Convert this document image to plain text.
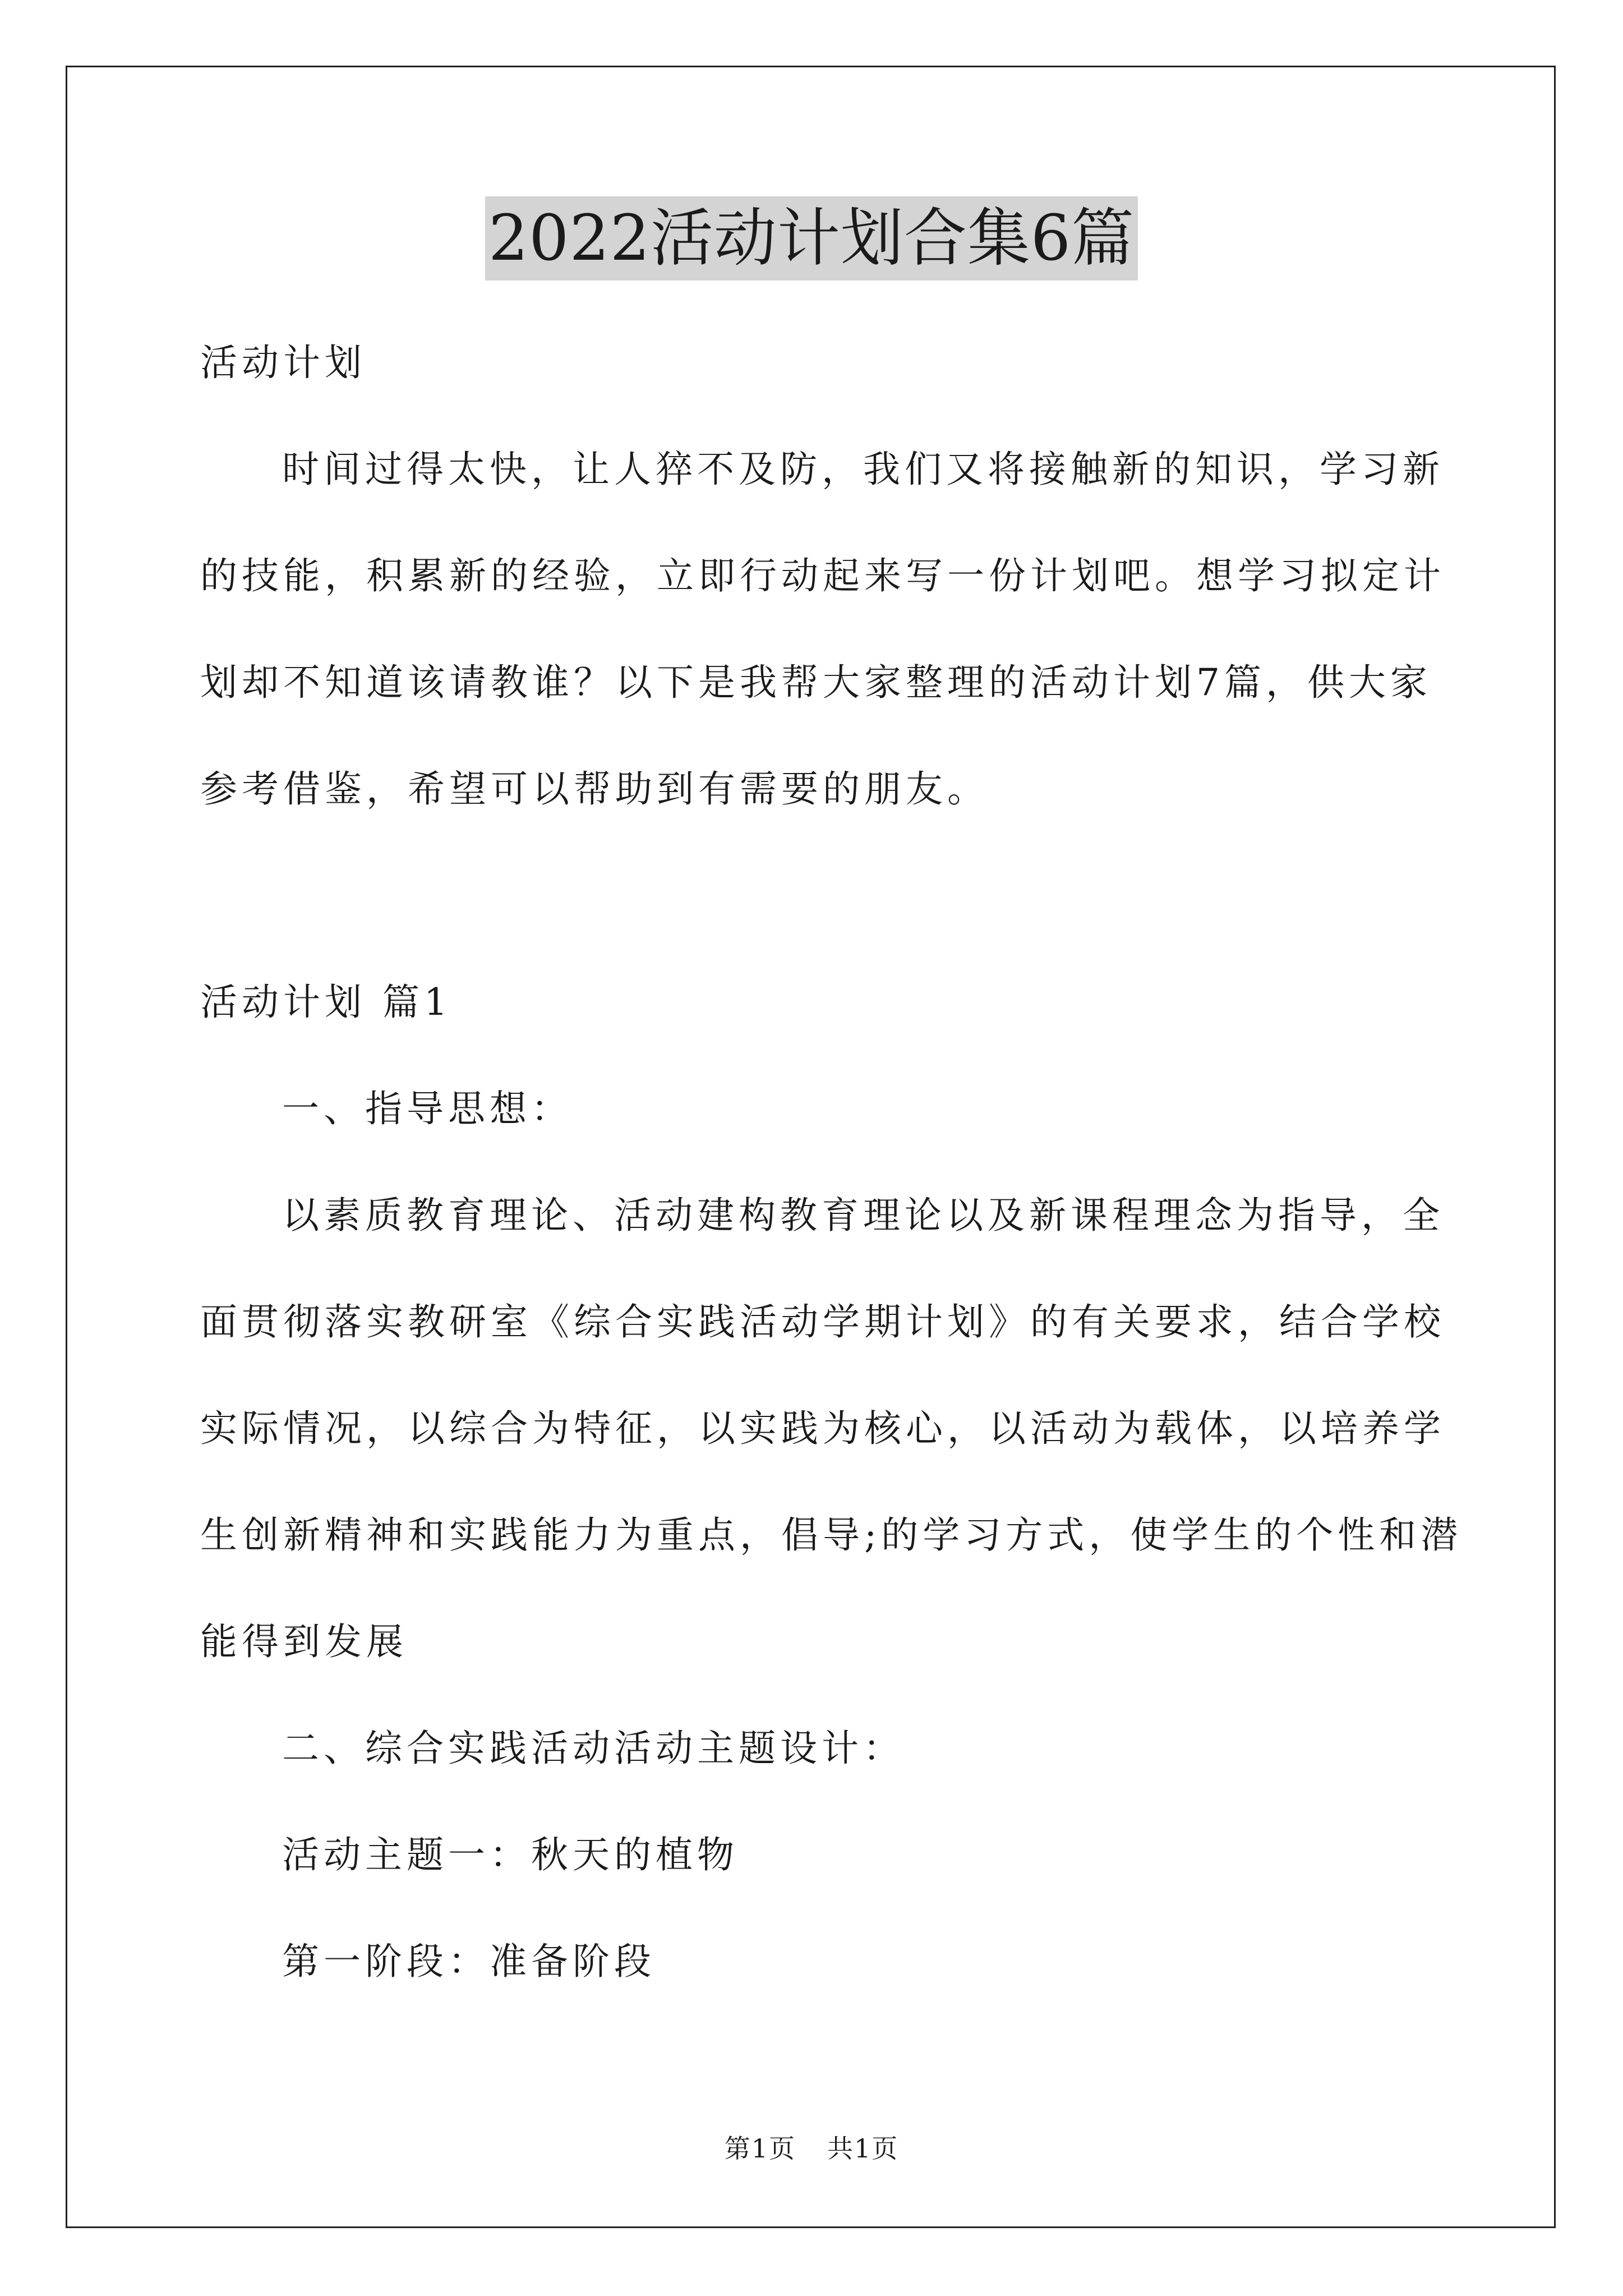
2022活动计划合集6篇
活动计划
时间过得太快，让人猝不及防，我们又将接触新的知识，学习新
的技能，积累新的经验，立即行动起来写一份计划吧。想学习拟定计
划却不知道该请教谁？以下是我帮大家整理的活动计划7篇，供大家
参考借鉴，希望可以帮助到有需要的朋友。
活动计划 篇1
一、指导思想：
以素质教育理论、活动建构教育理论以及新课程理念为指导，全
面贯彻落实教研室《综合实践活动学期计划》的有关要求，结合学校
实际情况，以综合为特征，以实践为核心，以活动为载体，以培养学
生创新精神和实践能力为重点，倡导;的学习方式，使学生的个性和潜
能得到发展
二、综合实践活动活动主题设计：
活动主题一：秋天的植物
第一阶段：准备阶段
第1页 共1页
